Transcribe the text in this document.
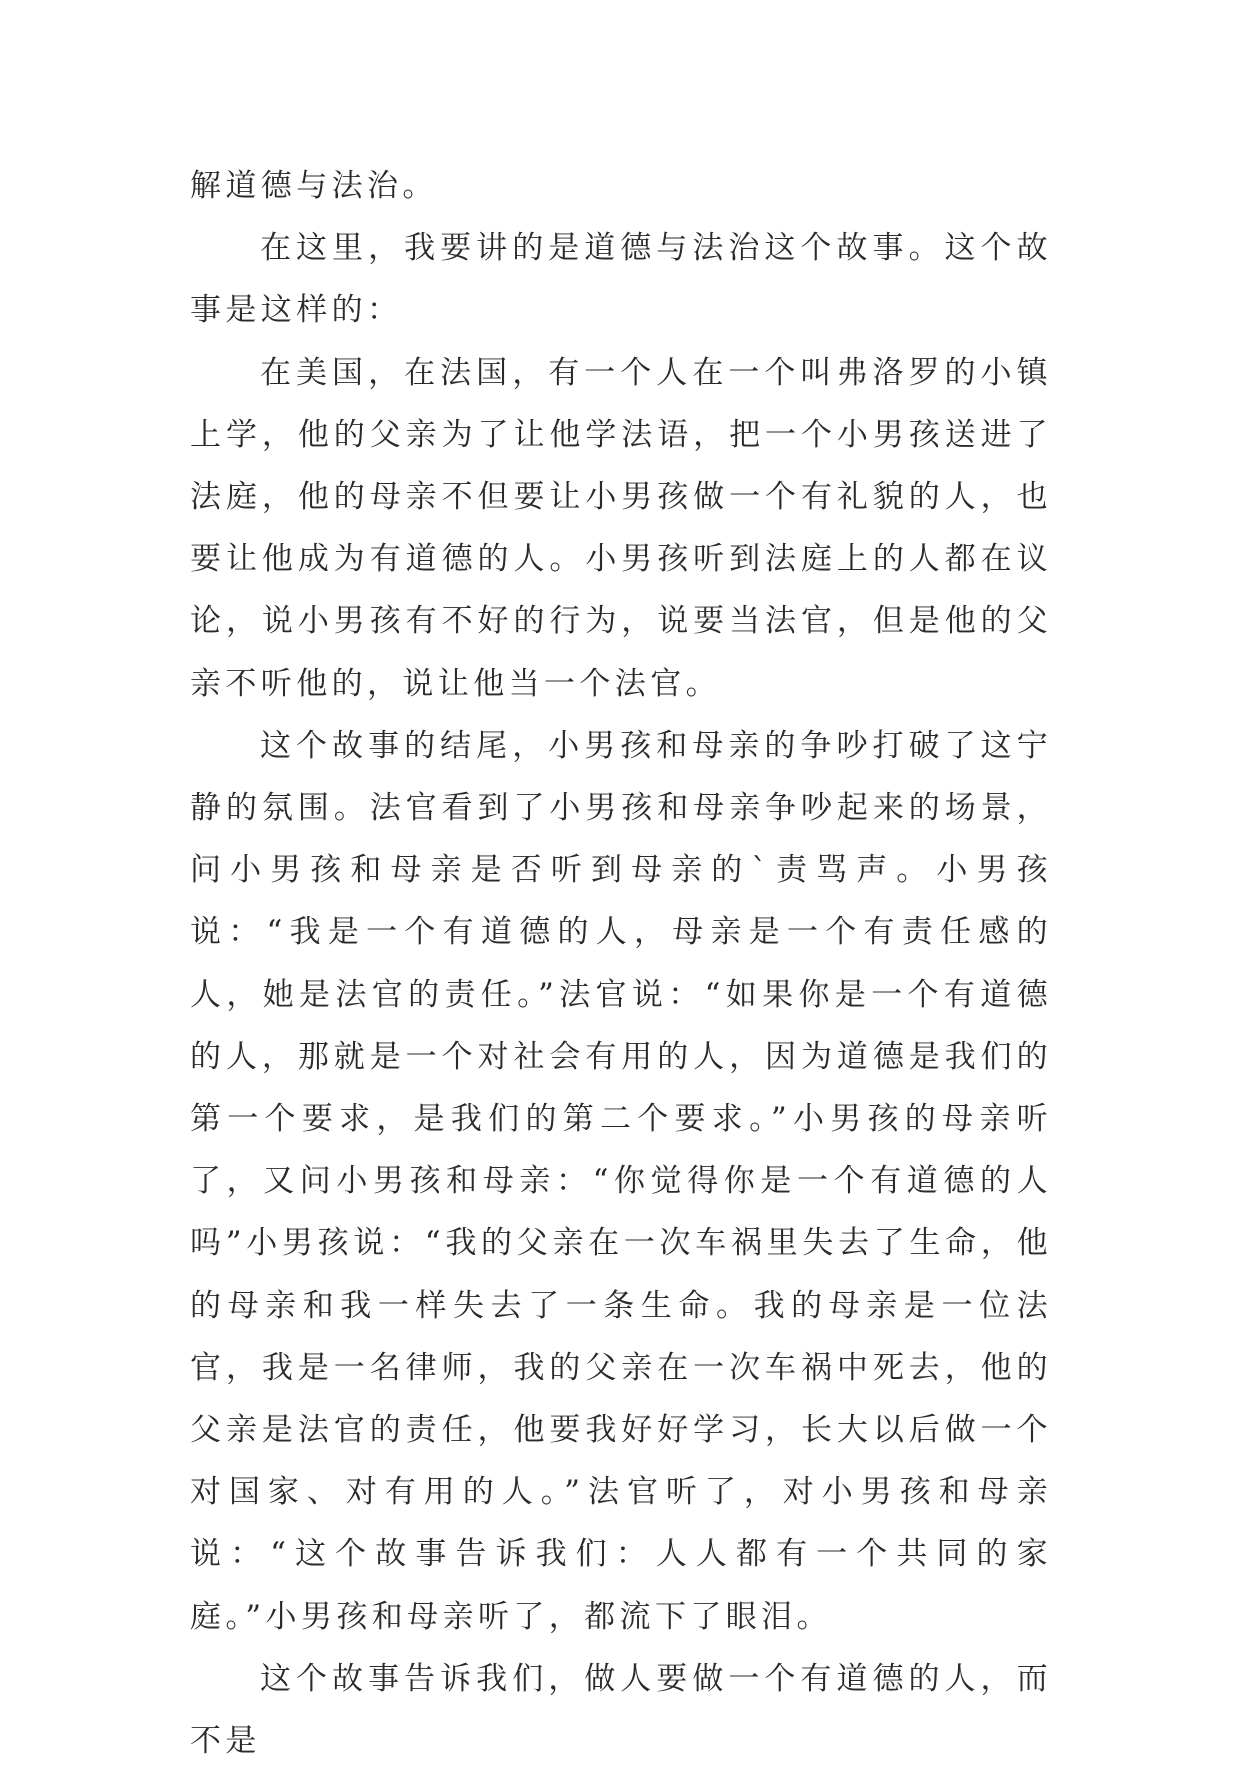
解道德与法治。

在这里，我要讲的是道德与法治这个故事。这个故事是这样的：

在美国，在法国，有一个人在一个叫弗洛罗的小镇上学，他的父亲为了让他学法语，把一个小男孩送进了法庭，他的母亲不但要让小男孩做一个有礼貌的人，也要让他成为有道德的人。小男孩听到法庭上的人都在议论，说小男孩有不好的行为，说要当法官，但是他的父亲不听他的，说让他当一个法官。

这个故事的结尾，小男孩和母亲的争吵打破了这宁静的氛围。法官看到了小男孩和母亲争吵起来的场景，问小男孩和母亲是否听到母亲的`责骂声。小男孩说：“我是一个有道德的人，母亲是一个有责任感的人，她是法官的责任。”法官说：“如果你是一个有道德的人，那就是一个对社会有用的人，因为道德是我们的第一个要求，是我们的第二个要求。”小男孩的母亲听了，又问小男孩和母亲：“你觉得你是一个有道德的人吗”小男孩说：“我的父亲在一次车祸里失去了生命，他的母亲和我一样失去了一条生命。我的母亲是一位法官，我是一名律师，我的父亲在一次车祸中死去，他的父亲是法官的责任，他要我好好学习，长大以后做一个对国家、对有用的人。”法官听了，对小男孩和母亲说：“这个故事告诉我们：人人都有一个共同的家庭。”小男孩和母亲听了，都流下了眼泪。

这个故事告诉我们，做人要做一个有道德的人，而不是
